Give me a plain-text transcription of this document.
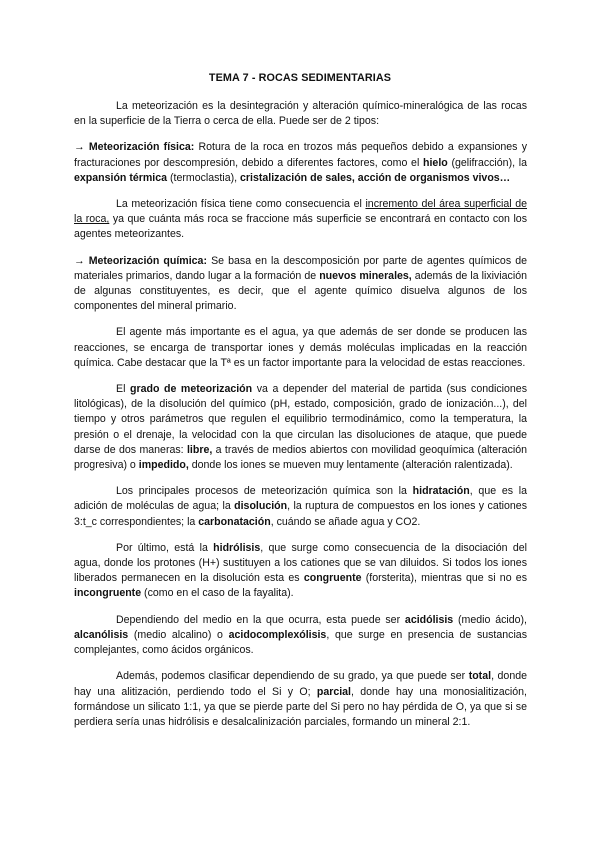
TEMA 7 - ROCAS SEDIMENTARIAS

La meteorización es la desintegración y alteración químico-mineralógica de las rocas en la superficie de la Tierra o cerca de ella. Puede ser de 2 tipos:

→ Meteorización física: Rotura de la roca en trozos más pequeños debido a expansiones y fracturaciones por descompresión, debido a diferentes factores, como el hielo (gelifracción), la expansión térmica (termoclastia), cristalización de sales, acción de organismos vivos…

La meteorización física tiene como consecuencia el incremento del área superficial de la roca, ya que cuánta más roca se fraccione más superficie se encontrará en contacto con los agentes meteorizantes.

→ Meteorización química: Se basa en la descomposición por parte de agentes químicos de materiales primarios, dando lugar a la formación de nuevos minerales, además de la lixiviación de algunas constituyentes, es decir, que el agente químico disuelva algunos de los componentes del mineral primario.

El agente más importante es el agua, ya que además de ser donde se producen las reacciones, se encarga de transportar iones y demás moléculas implicadas en la reacción química. Cabe destacar que la Tª es un factor importante para la velocidad de estas reacciones.

El grado de meteorización va a depender del material de partida (sus condiciones litológicas), de la disolución del químico (pH, estado, composición, grado de ionización...), del tiempo y otros parámetros que regulen el equilibrio termodinámico, como la temperatura, la presión o el drenaje, la velocidad con la que circulan las disoluciones de ataque, que puede darse de dos maneras: libre, a través de medios abiertos con movilidad geoquímica (alteración progresiva) o impedido, donde los iones se mueven muy lentamente (alteración ralentizada).

Los principales procesos de meteorización química son la hidratación, que es la adición de moléculas de agua; la disolución, la ruptura de compuestos en los iones y cationes 3:t_c correspondientes; la carbonatación, cuándo se añade agua y CO2.

Por último, está la hidrólisis, que surge como consecuencia de la disociación del agua, donde los protones (H+) sustituyen a los cationes que se van diluidos. Si todos los iones liberados permanecen en la disolución esta es congruente (forsterita), mientras que si no es incongruente (como en el caso de la fayalita).

Dependiendo del medio en la que ocurra, esta puede ser acidólisis (medio ácido), alcanólisis (medio alcalino) o acidocomplexólisis, que surge en presencia de sustancias complejantes, como ácidos orgánicos.

Además, podemos clasificar dependiendo de su grado, ya que puede ser total, donde hay una alitización, perdiendo todo el Si y O; parcial, donde hay una monosialitización, formándose un silicato 1:1, ya que se pierde parte del Si pero no hay pérdida de O, ya que si se perdiera sería unas hidrólisis e desalcalinización parciales, formando un mineral 2:1.
